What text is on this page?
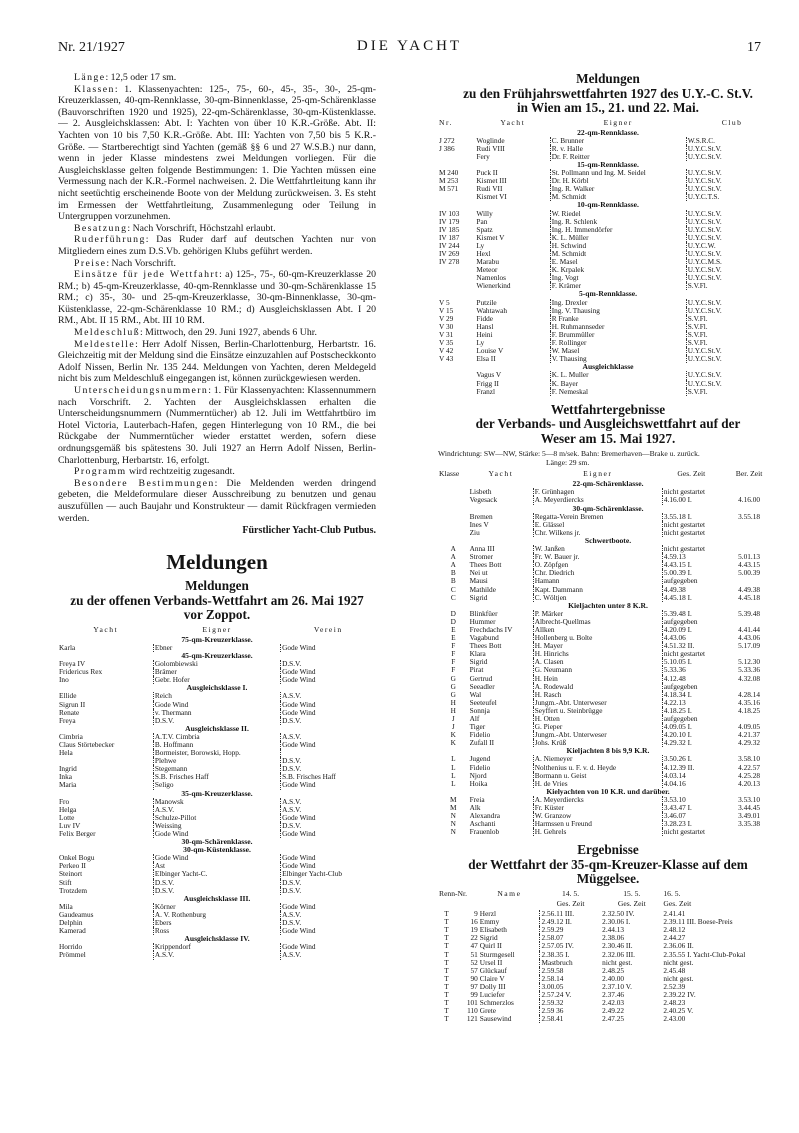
Nr. 21/1927	DIE YACHT	17
Länge: 12,5 oder 17 sm.
Klassen: 1. Klassenyachten: 125-, 75-, 60-, 45-, 35-, 30-, 25-qm-Kreuzerklassen, 40-qm-Rennklasse, 30-qm-Binnenklasse, 25-qm-Schärenklasse (Bauvorschriften 1920 und 1925), 22-qm-Schärenklasse, 30-qm-Küstenklasse. — 2. Ausgleichsklassen: Abt. I: Yachten von über 10 K.R.-Größe. Abt. II: Yachten von 10 bis 7,50 K.R.-Größe. Abt. III: Yachten von 7,50 bis 5 K.R.-Größe. — Startberechtigt sind Yachten (gemäß §§ 6 und 27 W.S.B.) nur dann, wenn in jeder Klasse mindestens zwei Meldungen vorliegen. Für die Ausgleichsklasse gelten folgende Bestimmungen: 1. Die Yachten müssen eine Vermessung nach der K.R.-Formel nachweisen. 2. Die Wettfahrtleitung kann ihr nicht seetüchtig erscheinende Boote von der Meldung zurückweisen. 3. Es steht im Ermessen der Wettfahrtleitung, Zusammenlegung oder Teilung in Untergruppen vorzunehmen.
Besatzung: Nach Vorschrift, Höchstzahl erlaubt.
Ruderführung: Das Ruder darf auf deutschen Yachten nur von Mitgliedern eines zum D.S.Vb. gehörigen Klubs geführt werden.
Preise: Nach Vorschrift.
Einsätze für jede Wettfahrt: a) 125-, 75-, 60-qm-Kreuzerklasse 20 RM.; b) 45-qm-Kreuzerklasse, 40-qm-Rennklasse und 30-qm-Schärenklasse 15 RM.; c) 35-, 30- und 25-qm-Kreuzerklasse, 30-qm-Binnenklasse, 30-qm-Küstenklasse, 22-qm-Schärenklasse 10 RM.; d) Ausgleichsklassen Abt. I 20 RM., Abt. II 15 RM., Abt. III 10 RM.
Meldeschluß: Mittwoch, den 29. Juni 1927, abends 6 Uhr.
Meldestelle: Herr Adolf Nissen, Berlin-Charlottenburg, Herbartstr. 16. Gleichzeitig mit der Meldung sind die Einsätze einzuzahlen auf Postscheckkonto Adolf Nissen, Berlin Nr. 135 244. Meldungen von Yachten, deren Meldegeld nicht bis zum Meldeschluß eingegangen ist, können zurückgewiesen werden.
Unterscheidungsnummern: 1. Für Klassenyachten: Klassennummern nach Vorschrift. 2. Yachten der Ausgleichsklassen erhalten die Unterscheidungsnummern (Nummerntücher) ab 12. Juli im Wettfahrtbüro im Hotel Victoria, Lauterbach-Hafen, gegen Hinterlegung von 10 RM., die bei Rückgabe der Nummerntücher wieder erstattet werden, sofern diese ordnungsgemäß bis spätestens 30. Juli 1927 an Herrn Adolf Nissen, Berlin-Charlottenburg, Herbartstr. 16, erfolgt.
Programm wird rechtzeitig zugesandt.
Besondere Bestimmungen: Die Meldenden werden dringend gebeten, die Meldeformulare dieser Ausschreibung zu benutzen und genau auszufüllen — auch Baujahr und Konstrukteur — damit Rückfragen vermieden werden.
Fürstlicher Yacht-Club Putbus.
Meldungen
Meldungen
zu der offenen Verbands-Wettfahrt am 26. Mai 1927
vor Zoppot.
Yacht	Eigner	Verein
75-qm-Kreuzerklasse.		
Karla	Ebner	Gode Wind
45-qm-Kreuzerklasse.		
Freya IV	Golombiewski	D.S.V.
Fridericus Rex	Brämer	Gode Wind
Ino	Gebr. Hofer	Gode Wind
Ausgleichsklasse I.		
Ellide	Reich	A.S.V.
Sigrun II	Gode Wind	Gode Wind
Renate	v. Thermann	Gode Wind
Freya	D.S.V.	D.S.V.
Ausgleichsklasse II.		
Cimbria	A.T.V. Cimbria	A.S.V.
Claus Störtebecker	B. Hoffmann	Gode Wind
Hela	Bormeister, Borowski, Hopp.	
	Plehwe	D.S.V.
Ingrid	Stegemann	D.S.V.
Inka	S.B. Frisches Haff	S.B. Frisches Haff
Maria	Seligo	Gode Wind
35-qm-Kreuzerklasse.		
Fro	Manowsk	A.S.V.
Helga	A.S.V.	A.S.V.
Lotte	Schulze-Pillot	Gode Wind
Luv IV	Weissing	D.S.V.
Felix Berger	Gode Wind	Gode Wind
30-qm-Schärenklasse.		
30-qm-Küstenklasse.		
Onkel Bogu	Gode Wind	Gode Wind
Perkeo II	Ast	Gode Wind
Steinort	Elbinger Yacht-C.	Elbinger Yacht-Club
Stift	D.S.V.	D.S.V.
Trotzdem	D.S.V.	D.S.V.
Ausgleichsklasse III.		
Mila	Körner	Gode Wind
Gaudeamus	A. V. Rothenburg	A.S.V.
Delphin	Ebers	D.S.V.
Kamerad	Ross	Gode Wind
Ausgleichsklasse IV.		
Horrido	Krippendorf	Gode Wind
Prömmel	A.S.V.	A.S.V.
Meldungen
zu den Frühjahrswettfahrten 1927 des U.Y.-C. St.V.
in Wien am 15., 21. und 22. Mai.
Nr.	Yacht	Eigner	Club
22-qm-Rennklasse.			
J 272	Woglinde	C. Brunner	W.S.R.C.
J 386	Rudi VIII	R. v. Halle	U.Y.C.St.V.
	Fery	Dr. F. Reitter	U.Y.C.St.V.
15-qm-Rennklasse.			
M 240	Puck II	St. Pollmann und Ing. M. Seidel	U.Y.C.St.V.
M 253	Kismet III	Dr. H. Körbl	U.Y.C.St.V.
M 571	Rudi VII	Ing. R. Walker	U.Y.C.St.V.
	Kismet VI	M. Schmidt	U.Y.C.T.S.
10-qm-Rennklasse.			
IV 103	Willy	W. Riedel	U.Y.C.St.V.
IV 179	Pan	Ing. R. Schlenk	U.Y.C.St.V.
IV 185	Spatz	Ing. H. Immendörfer	U.Y.C.St.V.
IV 187	Kismet V	K. L. Müller	U.Y.C.St.V.
IV 244	Ly	H. Schwind	U.Y.C.W.
IV 269	Hexl	M. Schmidt	U.Y.C.St.V.
IV 278	Marabu	E. Masel	U.Y.C.M.S.
	Meteor	K. Krpalek	U.Y.C.St.V.
	Namenlos	Ing. Vogt	U.Y.C.St.V.
	Wienerkind	F. Krämer	S.V.Fl.
5-qm-Rennklasse.			
V 5	Putzile	Ing. Drexler	U.Y.C.St.V.
V 15	Wahtawah	Ing. V. Thausing	U.Y.C.St.V.
V 29	Fidde	R Franke	S.V.Fl.
V 30	Hansl	H. Ruhmannseder	S.V.Fl.
V 31	Heini	F. Brummüller	S.V.Fl.
V 35	Ly	F. Rollinger	S.V.Fl.
V 42	Louise V	W. Masel	U.Y.C.St.V.
V 43	Elsa II	V. Thausing	U.Y.C.St.V.
Ausgleichklasse			
	Vagus V	K. L. Muller	U.Y.C.St.V.
	Frigg II	K. Bayer	U.Y.C.St.V.
	Franzl	F. Nemeskal	S.V.Fl.
Wettfahrtergebnisse
der Verbands- und Ausgleichswettfahrt auf der
Weser am 15. Mai 1927.
Windrichtung: SW—NW, Stärke: 5—8 m/sek. Bahn: Bremerhaven—Brake u. zurück.
Länge: 29 sm.
Klasse	Yacht	Eigner	Ges. Zeit	Ber. Zeit
22-qm-Schärenklasse.				
	Lisbeth	F. Grünhagen	nicht gestartet	
	Vegesack	A. Meyerdiercks	4.16.00 I.	4.16.00
30-qm-Schärenklasse.				
	Bremen	Regatta-Verein Bremen	3.55.18 I.	3.55.18
	Ines V	E. Glässel	nicht gestartet	
	Ziu	Chr. Wilkens jr.	nicht gestartet	
Schwertboote.				
A	Anna III	W. Janßen	nicht gestartet	
A	Stromer	Fr. W. Bauer jr.	4.59.13	5.01.13
A	Thees Bott	O. Zöpfgen	4.43.15 I.	4.43.15
B	Nei ut	Chr. Diedrich	5.00.39 I.	5.00.39
B	Mausi	Hamann	aufgegeben	
C	Mathilde	Kapt. Dammann	4.49.38	4.49.38
C	Sigrid	C. Wöltjen	4.45.18 I.	4.45.18
Kieljachten unter 8 K.R.				
D	Blinkfüer	P. Märker	5.39.48 I.	5.39.48
D	Hummer	Albrecht-Quellmas	aufgegeben	
E	Frechdachs IV	Allken	4.20.09 I.	4.41.44
E	Vagabund	Hollenberg u. Bolte	4.43.06	4.43.06
F	Thees Bott	H. Mayer	4.51.32 II.	5.17.09
F	Klara	H. Hinrichs	nicht gestartet	
F	Sigrid	A. Clasen	5.10.05 I.	5.12.30
F	Pirat	G. Neumann	5.33.36	5.33.36
G	Gertrud	H. Hein	4.12.48	4.32.08
G	Seeadler	A. Rodewald	aufgegeben	
G	Wal	H. Rasch	4.18.34 I.	4.28.14
H	Seeteufel	Jungm.-Abt. Unterweser	4.22.13	4.35.16
H	Sonnja	Seyffert u. Steinbrügge	4.18.25 I.	4.18.25
J	Alf	H. Otten	aufgegeben	
J	Tiger	G. Pieper	4.09.05 I.	4.09.05
K	Fidelio	Jungm.-Abt. Unterweser	4.20.10 I.	4.21.37
K	Zufall II	Johs. Krüß	4.29.32 I.	4.29.32
Kieljachten 8 bis 9,9 K.R.				
L	Jugend	A. Niemeyer	3.50.26 I.	3.58.10
L	Fidelio	Nolthenius u. F. v. d. Heyde	4.12.39 II.	4.22.57
L	Njord	Bormann u. Geist	4.03.14	4.25.28
L	Hoika	H. de Vries	4.04.16	4.20.13
Kielyachten von 10 K.R. und darüber.				
M	Freia	A. Meyerdiercks	3.53.10	3.53.10
M	Alk	Fr. Küster	3.43.47 I.	3.44.45
N	Alexandra	W. Granzow	3.46.07	3.49.01
N	Aschanti	Harmssen u Freund	3.28.23 I.	3.35.38
N	Frauenlob	H. Gehrels	nicht gestartet	
Ergebnisse
der Wettfahrt der 35-qm-Kreuzer-Klasse auf dem
Müggelsee.
Renn-Nr.		Name	14. 5.	15. 5.	16. 5.
			Ges. Zeit	Ges. Zeit	Ges. Zeit
T	9	Herzl	2.56.11 III.	2.32.50 IV.	2.41.41
T	16	Emmy	2.49.12 II.	2.30.06 I.	2.39.11 III. Boese-Preis
T	19	Elisabeth	2.59.29	2.44.13	2.48.12
T	22	Sigrid	2.58.07	2.38.06	2.44.27
T	47	Quirl II	2.57.05 IV.	2.30.46 II.	2.36.06 II.
T	51	Sturmgesell	2.38.35 I.	2.32.06 III.	2.35.55 I. Yacht-Club-Pokal
T	52	Ursel II	Mastbruch	nicht gest.	nicht gest.
T	57	Glückauf	2.59.58	2.48.25	2.45.48
T	90	Claire V	2.58.14	2.40.00	nicht gest.
T	97	Dolly III	3.00.05	2.37.10 V.	2.52.39
T	99	Luciefer	2.57.24 V.	2.37.46	2.39.22 IV.
T	101	Schmerzlos	2.59.32	2.42.03	2.48.23
T	110	Grete	2.59 36	2.49.22	2.40.25 V.
T	121	Sausewind	2.58.41	2.47.25	2.43.00
